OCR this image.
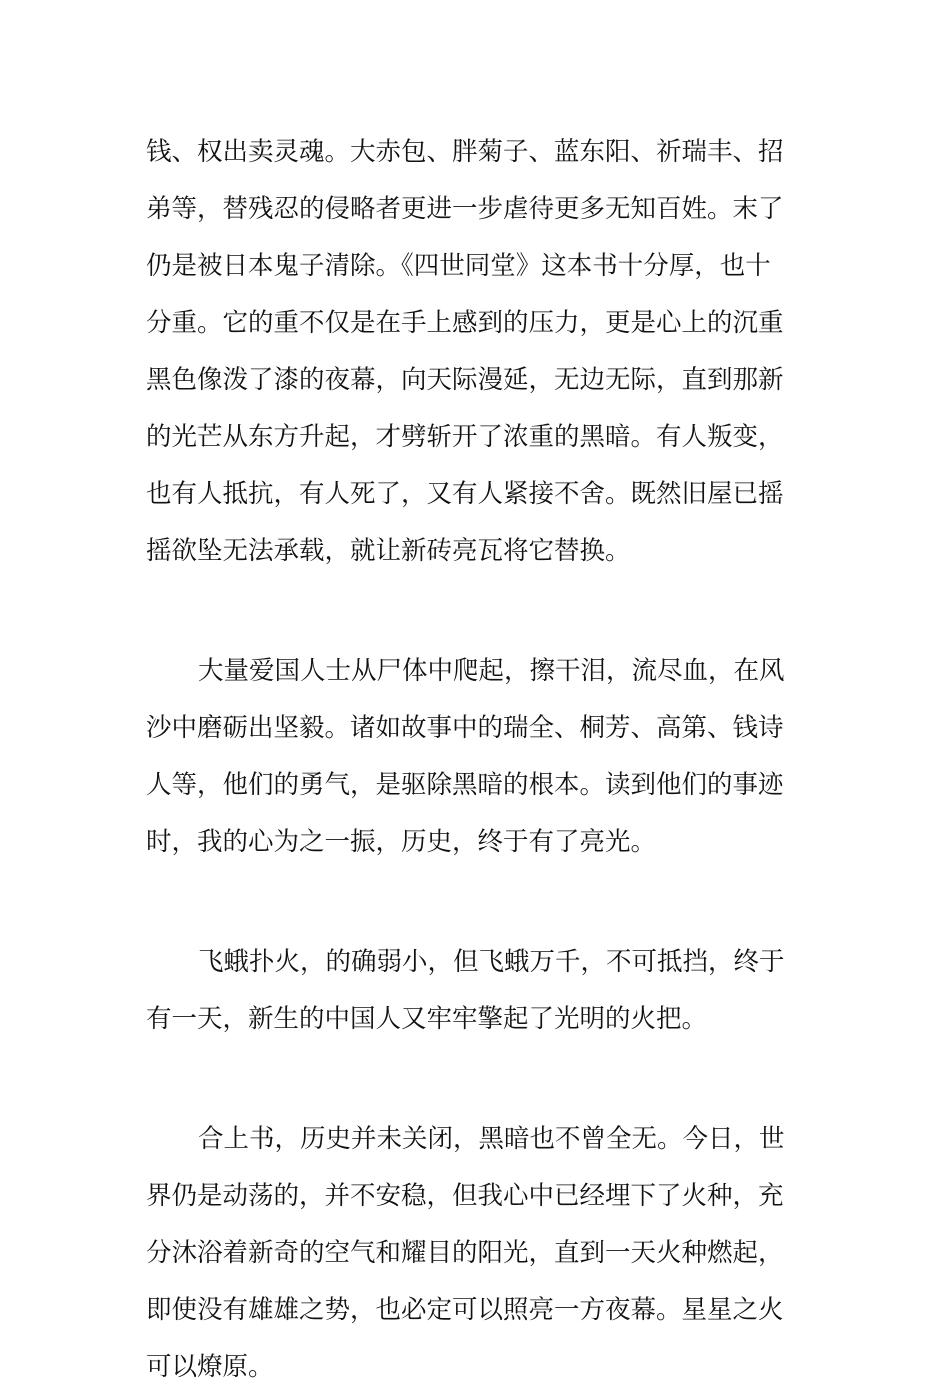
钱、权出卖灵魂。大赤包、胖菊子、蓝东阳、祈瑞丰、招
弟等，替残忍的侵略者更进一步虐待更多无知百姓。末了
仍是被日本鬼子清除。《四世同堂》这本书十分厚，也十
分重。它的重不仅是在手上感到的压力，更是心上的沉重
黑色像泼了漆的夜幕，向天际漫延，无边无际，直到那新
的光芒从东方升起，才劈斩开了浓重的黑暗。有人叛变，
也有人抵抗，有人死了，又有人紧接不舍。既然旧屋已摇
摇欲坠无法承载，就让新砖亮瓦将它替换。
大量爱国人士从尸体中爬起，擦干泪，流尽血，在风
沙中磨砺出坚毅。诸如故事中的瑞全、桐芳、高第、钱诗
人等，他们的勇气，是驱除黑暗的根本。读到他们的事迹
时，我的心为之一振，历史，终于有了亮光。
飞蛾扑火，的确弱小，但飞蛾万千，不可抵挡，终于
有一天，新生的中国人又牢牢擎起了光明的火把。
合上书，历史并未关闭，黑暗也不曾全无。今日，世
界仍是动荡的，并不安稳，但我心中已经埋下了火种，充
分沐浴着新奇的空气和耀目的阳光，直到一天火种燃起，
即使没有雄雄之势，也必定可以照亮一方夜幕。星星之火
可以燎原。
